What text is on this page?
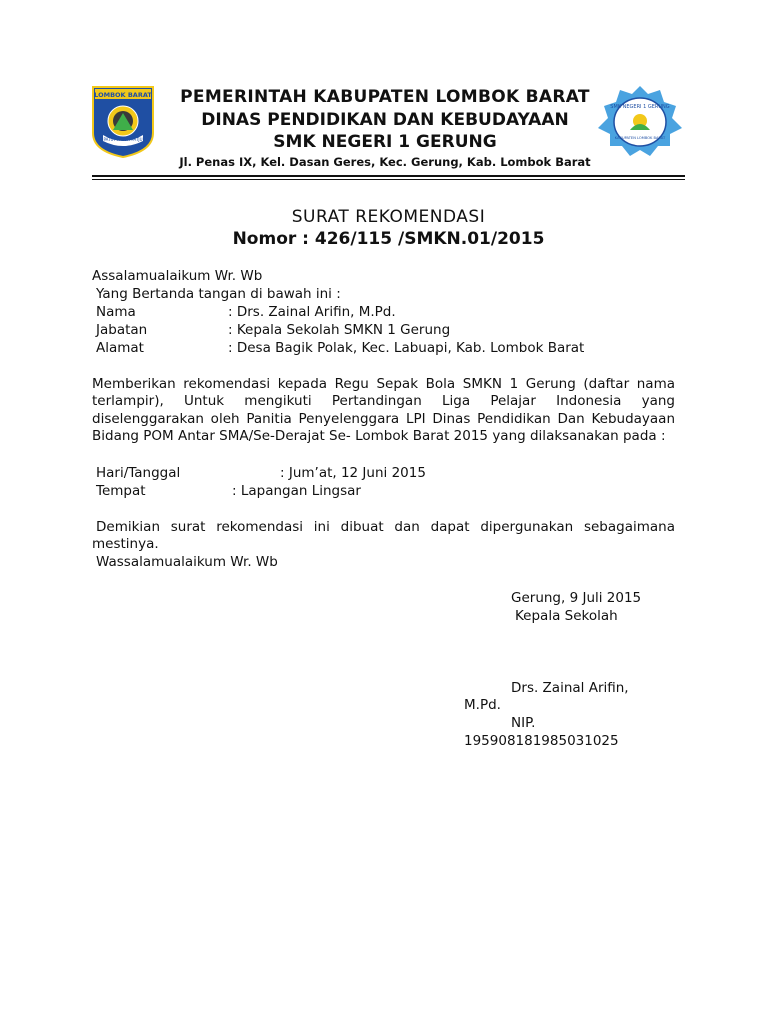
LOMBOK BARAT
PATUT PATUH PATJU
PEMERINTAH KABUPATEN LOMBOK BARAT
DINAS PENDIDIKAN DAN KEBUDAYAAN
SMK NEGERI 1 GERUNG
Jl. Penas IX, Kel. Dasan Geres, Kec. Gerung, Kab. Lombok Barat
SMK NEGERI 1 GERUNG
KABUPATEN LOMBOK BARAT
SURAT REKOMENDASI
Nomor : 426/115 /SMKN.01/2015
Assalamualaikum Wr. Wb
Yang Bertanda tangan di bawah ini :
Nama	: Drs. Zainal Arifin, M.Pd.
Jabatan	: Kepala Sekolah SMKN 1 Gerung
Alamat	: Desa Bagik Polak, Kec. Labuapi, Kab. Lombok Barat

Memberikan rekomendasi kepada Regu Sepak Bola SMKN 1 Gerung (daftar nama terlampir), Untuk mengikuti Pertandingan Liga Pelajar Indonesia yang diselenggarakan oleh Panitia Penyelenggara LPI Dinas Pendidikan Dan Kebudayaan Bidang POM Antar SMA/Se-Derajat Se- Lombok Barat 2015 yang dilaksanakan pada :

Hari/Tanggal	: Jum’at, 12 Juni 2015
Tempat	: Lapangan Lingsar

Demikian surat rekomendasi ini dibuat dan dapat dipergunakan sebagaimana mestinya.

Wassalamualaikum Wr. Wb
Gerung, 9 Juli 2015
Kepala Sekolah
Drs. Zainal Arifin,
M.Pd.
NIP.
195908181985031025
